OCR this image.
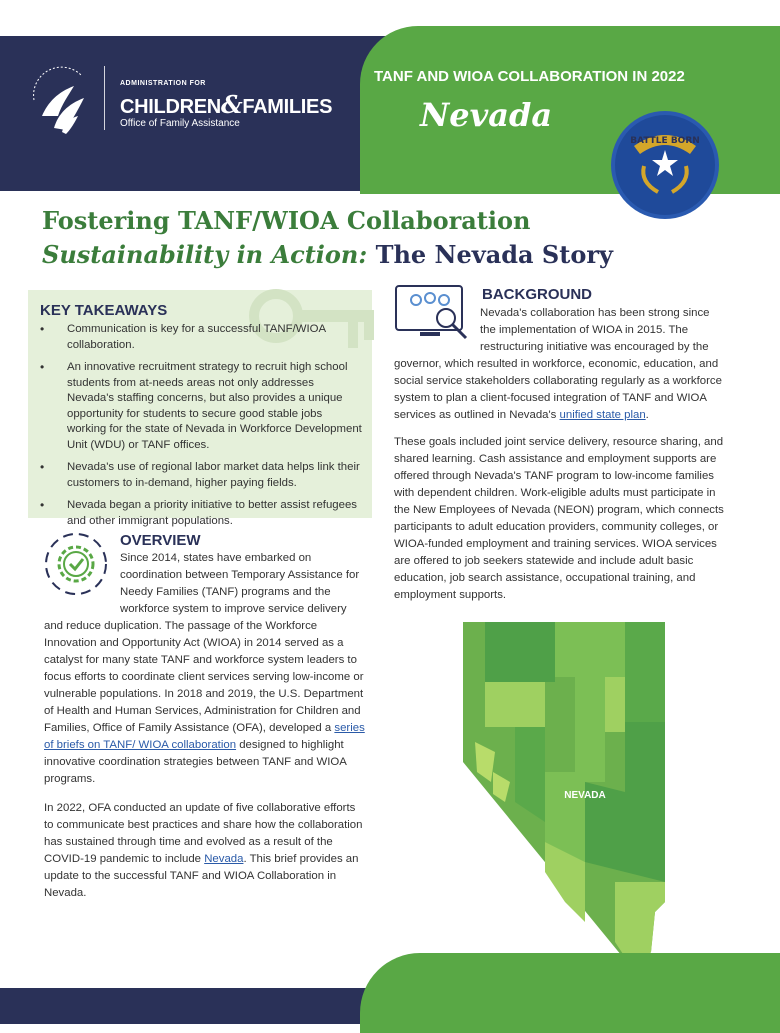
ADMINISTRATION FOR
CHILDREN&FAMILIES
Office of Family Assistance
TANF AND WIOA COLLABORATION IN 2022
Nevada
BATTLE BORN
Fostering TANF/WIOA Collaboration
Sustainability in Action: The Nevada Story
KEY TAKEAWAYS
• Communication is key for a successful TANF/WIOA collaboration.
• An innovative recruitment strategy to recruit high school students from at-needs areas not only addresses Nevada's staffing concerns, but also provides a unique opportunity for students to secure good stable jobs working for the state of Nevada in Workforce Development Unit (WDU) or TANF offices.
• Nevada's use of regional labor market data helps link their customers to in-demand, higher paying fields.
• Nevada began a priority initiative to better assist refugees and other immigrant populations.
OVERVIEW

Since 2014, states have embarked on coordination between Temporary Assistance for Needy Families (TANF) programs and the workforce system to improve service delivery and reduce duplication. The passage of the Workforce Innovation and Opportunity Act (WIOA) in 2014 served as a catalyst for many state TANF and workforce system leaders to focus efforts to coordinate client services serving low-income or vulnerable populations. In 2018 and 2019, the U.S. Department of Health and Human Services, Administration for Children and Families, Office of Family Assistance (OFA), developed a series of briefs on TANF/ WIOA collaboration designed to highlight innovative coordination strategies between TANF and WIOA programs.

In 2022, OFA conducted an update of five collaborative efforts to communicate best practices and share how the collaboration has sustained through time and evolved as a result of the COVID-19 pandemic to include Nevada. This brief provides an update to the successful TANF and WIOA Collaboration in Nevada.

BACKGROUND

Nevada's collaboration has been strong since the implementation of WIOA in 2015. The restructuring initiative was encouraged by the governor, which resulted in workforce, economic, education, and social service stakeholders collaborating regularly as a workforce system to plan a client-focused integration of TANF and WIOA services as outlined in Nevada's unified state plan.

These goals included joint service delivery, resource sharing, and shared learning. Cash assistance and employment supports are offered through Nevada's TANF program to low-income families with dependent children. Work-eligible adults must participate in the New Employees of Nevada (NEON) program, which connects participants to adult education providers, community colleges, or WIOA-funded employment and training services. WIOA services are offered to job seekers statewide and include adult basic education, job search assistance, occupational training, and employment supports.

NEVADA
